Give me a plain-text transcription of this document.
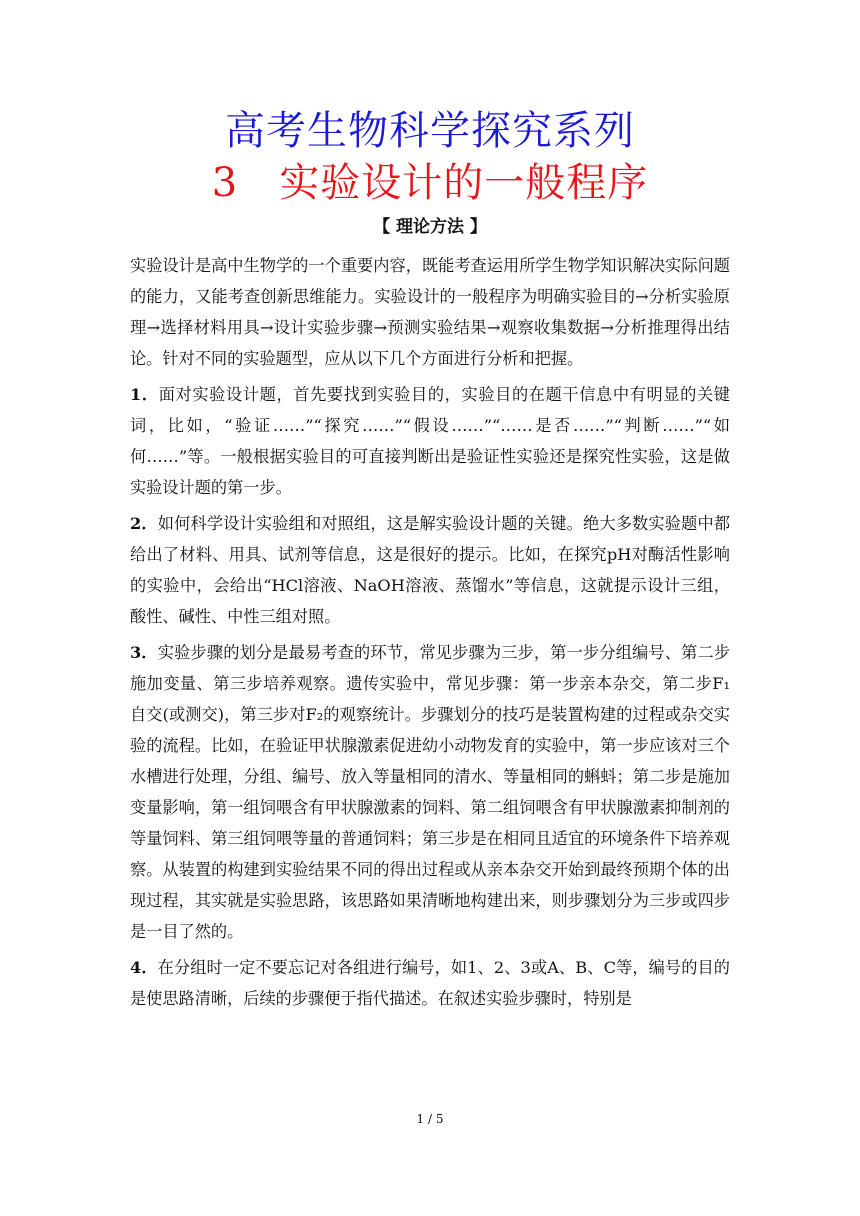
高考生物科学探究系列
3　实验设计的一般程序
【 理论方法 】

实验设计是高中生物学的一个重要内容，既能考查运用所学生物学知识解决实际问题的能力，又能考查创新思维能力。实验设计的一般程序为明确实验目的→分析实验原理→选择材料用具→设计实验步骤→预测实验结果→观察收集数据→分析推理得出结论。针对不同的实验题型，应从以下几个方面进行分析和把握。

1．面对实验设计题，首先要找到实验目的，实验目的在题干信息中有明显的关键词，比如，“验证……”“探究……”“假设……”“……是否……”“判断……”“如何……”等。一般根据实验目的可直接判断出是验证性实验还是探究性实验，这是做实验设计题的第一步。

2．如何科学设计实验组和对照组，这是解实验设计题的关键。绝大多数实验题中都给出了材料、用具、试剂等信息，这是很好的提示。比如，在探究pH对酶活性影响的实验中，会给出“HCl溶液、NaOH溶液、蒸馏水”等信息，这就提示设计三组，酸性、碱性、中性三组对照。

3．实验步骤的划分是最易考查的环节，常见步骤为三步，第一步分组编号、第二步施加变量、第三步培养观察。遗传实验中，常见步骤：第一步亲本杂交，第二步F₁自交(或测交)，第三步对F₂的观察统计。步骤划分的技巧是装置构建的过程或杂交实验的流程。比如，在验证甲状腺激素促进幼小动物发育的实验中，第一步应该对三个水槽进行处理，分组、编号、放入等量相同的清水、等量相同的蝌蚪；第二步是施加变量影响，第一组饲喂含有甲状腺激素的饲料、第二组饲喂含有甲状腺激素抑制剂的等量饲料、第三组饲喂等量的普通饲料；第三步是在相同且适宜的环境条件下培养观察。从装置的构建到实验结果不同的得出过程或从亲本杂交开始到最终预期个体的出现过程，其实就是实验思路，该思路如果清晰地构建出来，则步骤划分为三步或四步是一目了然的。

4．在分组时一定不要忘记对各组进行编号，如1、2、3或A、B、C等，编号的目的是使思路清晰，后续的步骤便于指代描述。在叙述实验步骤时，特别是

1 / 5
